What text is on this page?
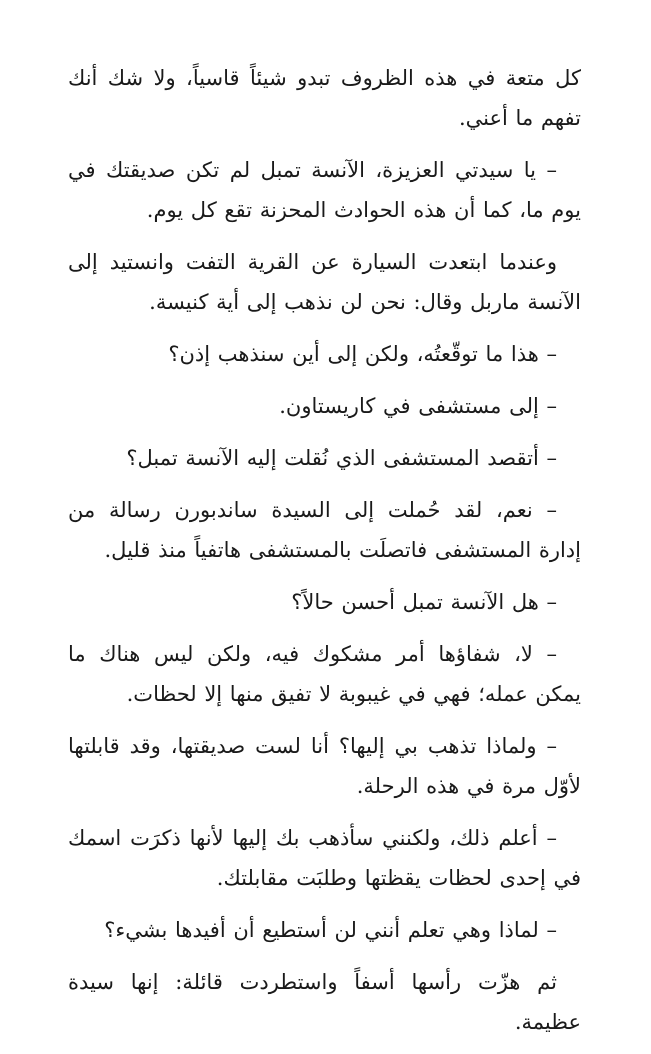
كل متعة في هذه الظروف تبدو شيئاً قاسياً، ولا شك أنك تفهم ما أعني.

– يا سيدتي العزيزة، الآنسة تمبل لم تكن صديقتك في يوم ما، كما أن هذه الحوادث المحزنة تقع كل يوم.

وعندما ابتعدت السيارة عن القرية التفت وانستيد إلى الآنسة ماربل وقال: نحن لن نذهب إلى أية كنيسة.

– هذا ما توقّعتُه، ولكن إلى أين سنذهب إذن؟

– إلى مستشفى في كاريستاون.

– أتقصد المستشفى الذي نُقلت إليه الآنسة تمبل؟

– نعم، لقد حُملت إلى السيدة ساندبورن رسالة من إدارة المستشفى فاتصلَت بالمستشفى هاتفياً منذ قليل.

– هل الآنسة تمبل أحسن حالاً؟

– لا، شفاؤها أمر مشكوك فيه، ولكن ليس هناك ما يمكن عمله؛ فهي في غيبوبة لا تفيق منها إلا لحظات.

– ولماذا تذهب بي إليها؟ أنا لست صديقتها، وقد قابلتها لأوّل مرة في هذه الرحلة.

– أعلم ذلك، ولكنني سأذهب بك إليها لأنها ذكرَت اسمك في إحدى لحظات يقظتها وطلبَت مقابلتك.

– لماذا وهي تعلم أنني لن أستطيع أن أفيدها بشيء؟

ثم هزّت رأسها أسفاً واستطردت قائلة: إنها سيدة عظيمة.
